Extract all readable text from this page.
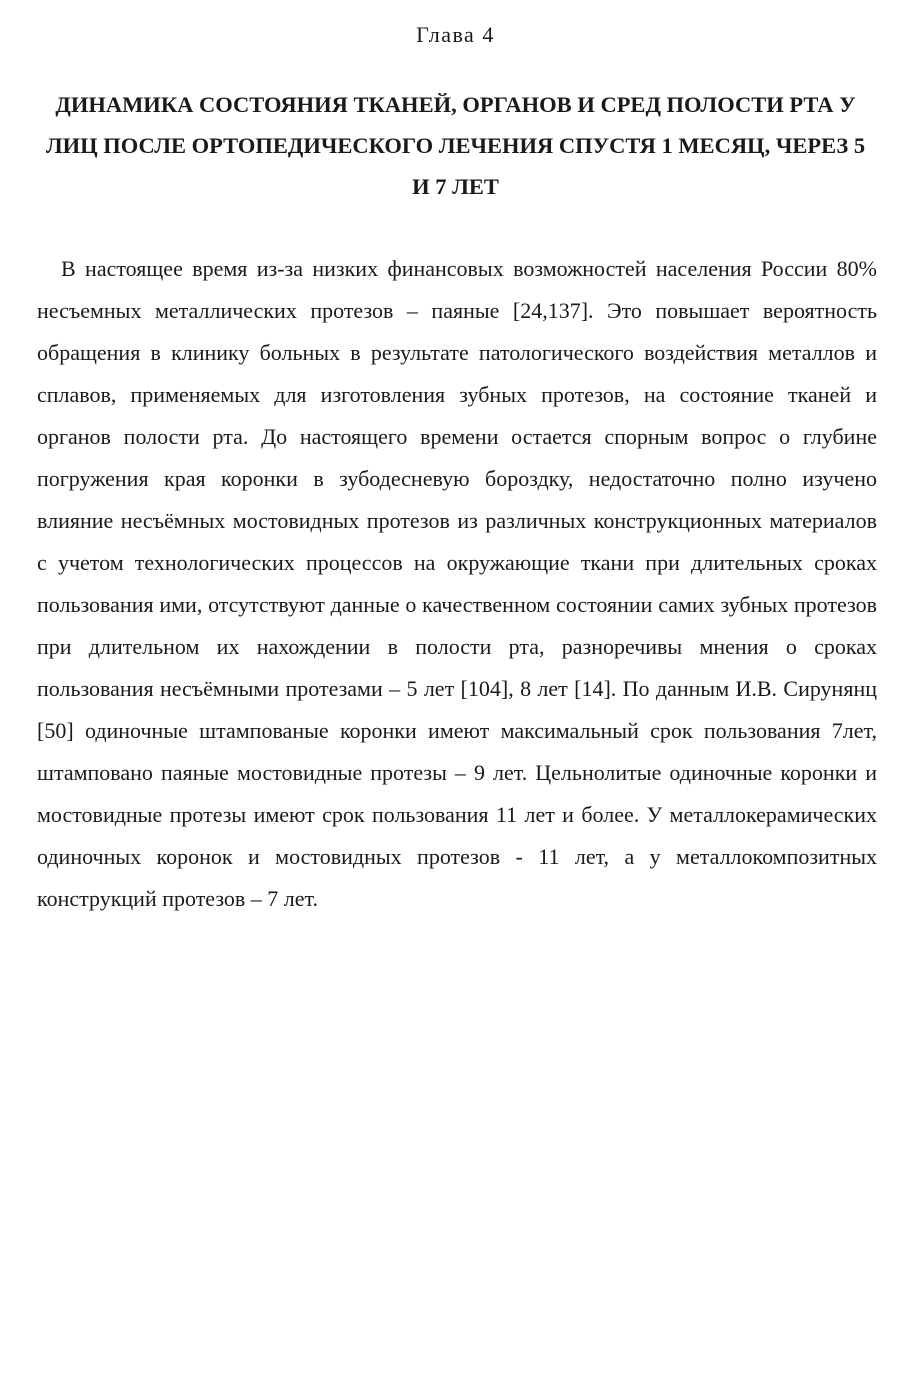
Глава 4
ДИНАМИКА СОСТОЯНИЯ ТКАНЕЙ, ОРГАНОВ И СРЕД ПОЛОСТИ РТА У ЛИЦ ПОСЛЕ ОРТОПЕДИЧЕСКОГО ЛЕЧЕНИЯ СПУСТЯ 1 МЕСЯЦ, ЧЕРЕЗ 5 И 7 ЛЕТ

В настоящее время из-за низких финансовых возможностей населения России 80% несъемных металлических протезов – паяные [24,137]. Это повышает вероятность обращения в клинику больных в результате патологического воздействия металлов и сплавов, применяемых для изготовления зубных протезов, на состояние тканей и органов полости рта. До настоящего времени остается спорным вопрос о глубине погружения края коронки в зубодесневую бороздку, недостаточно полно изучено влияние несъёмных мостовидных протезов из различных конструкционных материалов с учетом технологических процессов на окружающие ткани при длительных сроках пользования ими, отсутствуют данные о качественном состоянии самих зубных протезов при длительном их нахождении в полости рта, разноречивы мнения о сроках пользования несъёмными протезами – 5 лет [104], 8 лет [14]. По данным И.В. Сирунянц [50] одиночные штампованые коронки имеют максимальный срок пользования 7лет, штамповано паяные мостовидные протезы – 9 лет. Цельнолитые одиночные коронки и мостовидные протезы имеют срок пользования 11 лет и более. У металлокерамических одиночных коронок и мостовидных протезов - 11 лет, а у металлокомпозитных конструкций протезов – 7 лет.
